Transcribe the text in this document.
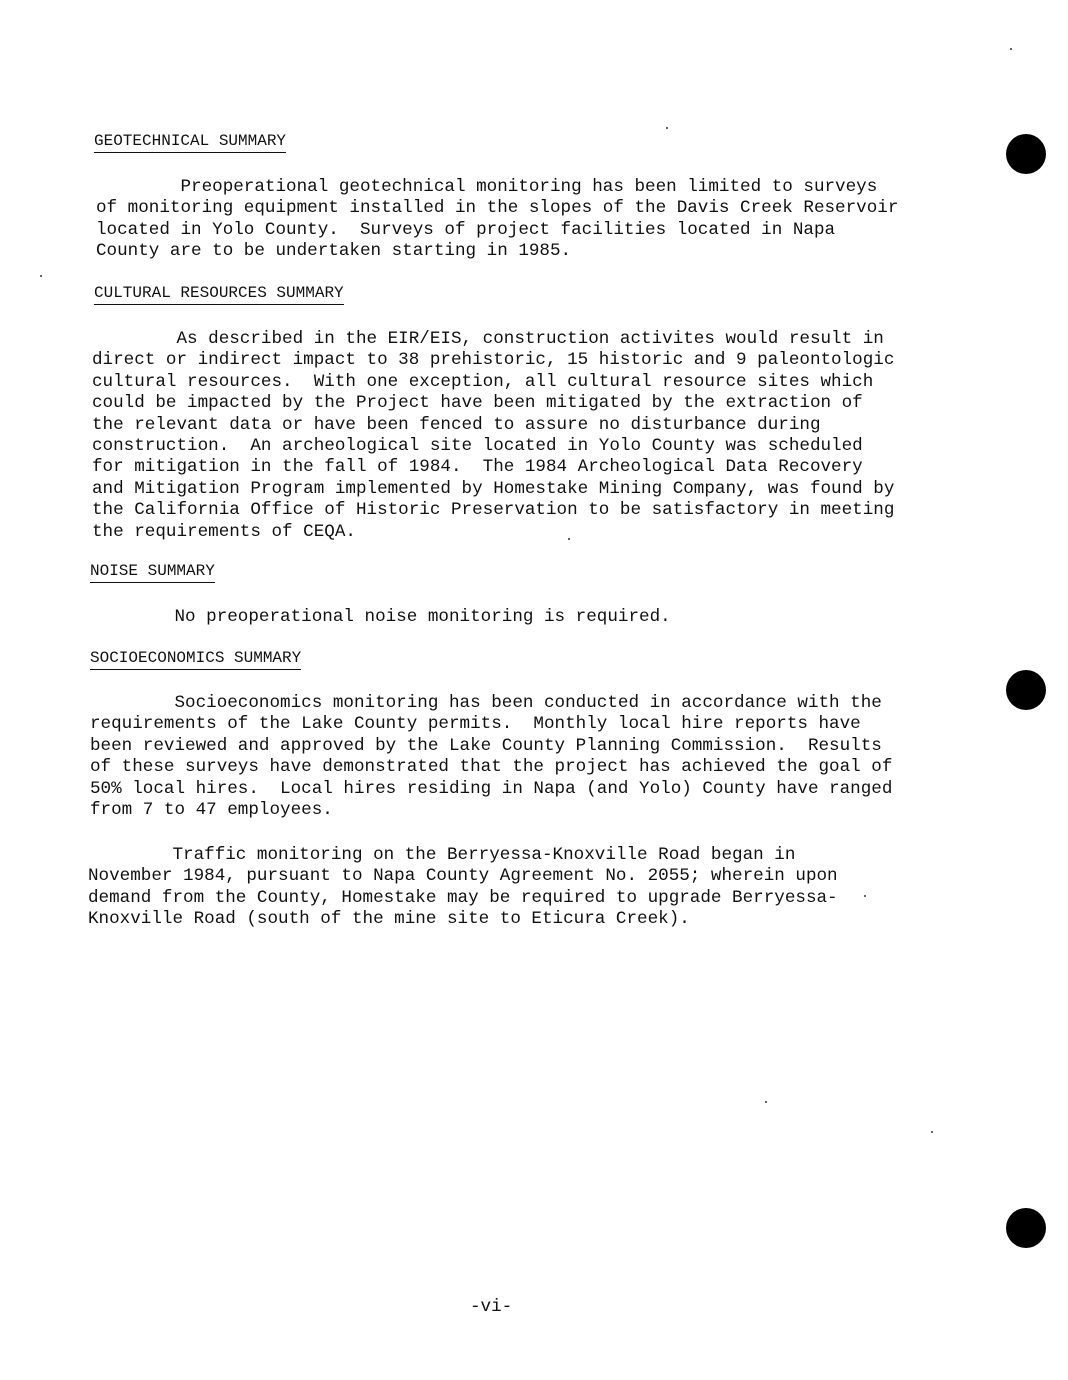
GEOTECHNICAL SUMMARY

Preoperational geotechnical monitoring has been limited to surveys
of monitoring equipment installed in the slopes of the Davis Creek Reservoir
located in Yolo County.  Surveys of project facilities located in Napa
County are to be undertaken starting in 1985.

CULTURAL RESOURCES SUMMARY

As described in the EIR/EIS, construction activites would result in
direct or indirect impact to 38 prehistoric, 15 historic and 9 paleontologic
cultural resources.  With one exception, all cultural resource sites which
could be impacted by the Project have been mitigated by the extraction of
the relevant data or have been fenced to assure no disturbance during
construction.  An archeological site located in Yolo County was scheduled
for mitigation in the fall of 1984.  The 1984 Archeological Data Recovery
and Mitigation Program implemented by Homestake Mining Company, was found by
the California Office of Historic Preservation to be satisfactory in meeting
the requirements of CEQA.

NOISE SUMMARY

No preoperational noise monitoring is required.

SOCIOECONOMICS SUMMARY

Socioeconomics monitoring has been conducted in accordance with the
requirements of the Lake County permits.  Monthly local hire reports have
been reviewed and approved by the Lake County Planning Commission.  Results
of these surveys have demonstrated that the project has achieved the goal of
50% local hires.  Local hires residing in Napa (and Yolo) County have ranged
from 7 to 47 employees.

Traffic monitoring on the Berryessa-Knoxville Road began in
November 1984, pursuant to Napa County Agreement No. 2055; wherein upon
demand from the County, Homestake may be required to upgrade Berryessa-
Knoxville Road (south of the mine site to Eticura Creek).

-vi-
